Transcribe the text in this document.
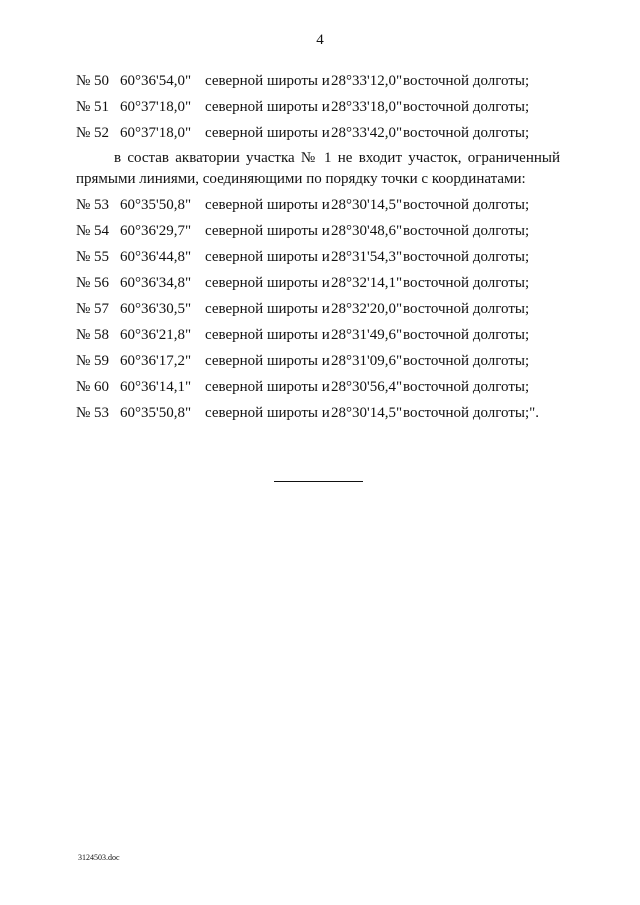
4
№ 50 60°36'54,0" северной широты и 28°33'12,0" восточной долготы;
№ 51 60°37'18,0" северной широты и 28°33'18,0" восточной долготы;
№ 52 60°37'18,0" северной широты и 28°33'42,0" восточной долготы;
в состав акватории участка № 1 не входит участок, ограниченный прямыми линиями, соединяющими по порядку точки с координатами:
№ 53 60°35'50,8" северной широты и 28°30'14,5" восточной долготы;
№ 54 60°36'29,7" северной широты и 28°30'48,6" восточной долготы;
№ 55 60°36'44,8" северной широты и 28°31'54,3" восточной долготы;
№ 56 60°36'34,8" северной широты и 28°32'14,1" восточной долготы;
№ 57 60°36'30,5" северной широты и 28°32'20,0" восточной долготы;
№ 58 60°36'21,8" северной широты и 28°31'49,6" восточной долготы;
№ 59 60°36'17,2" северной широты и 28°31'09,6" восточной долготы;
№ 60 60°36'14,1" северной широты и 28°30'56,4" восточной долготы;
№ 53 60°35'50,8" северной широты и 28°30'14,5" восточной долготы;".
3124503.doc
